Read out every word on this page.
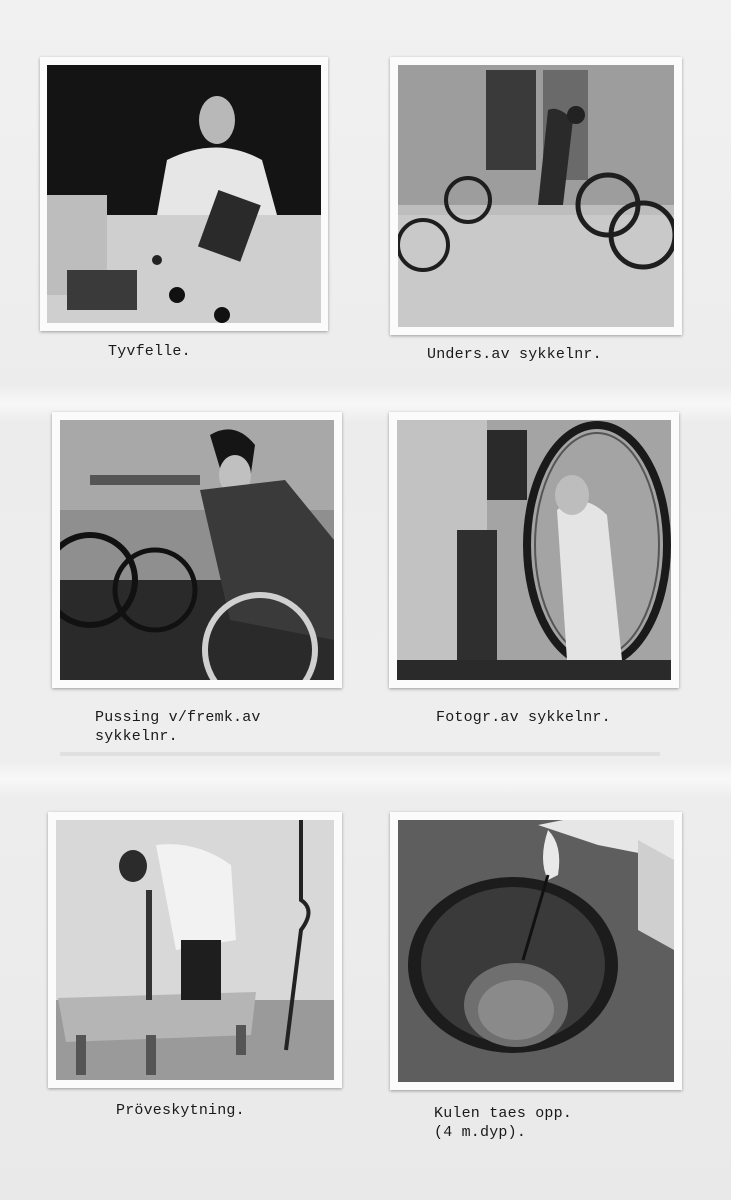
Tyvfelle.	Unders.av sykkelnr.
Pussing v/fremk.av
sykkelnr.
Fotogr.av sykkelnr.
Pröveskytning.	Kulen taes opp.
(4 m.dyp).
